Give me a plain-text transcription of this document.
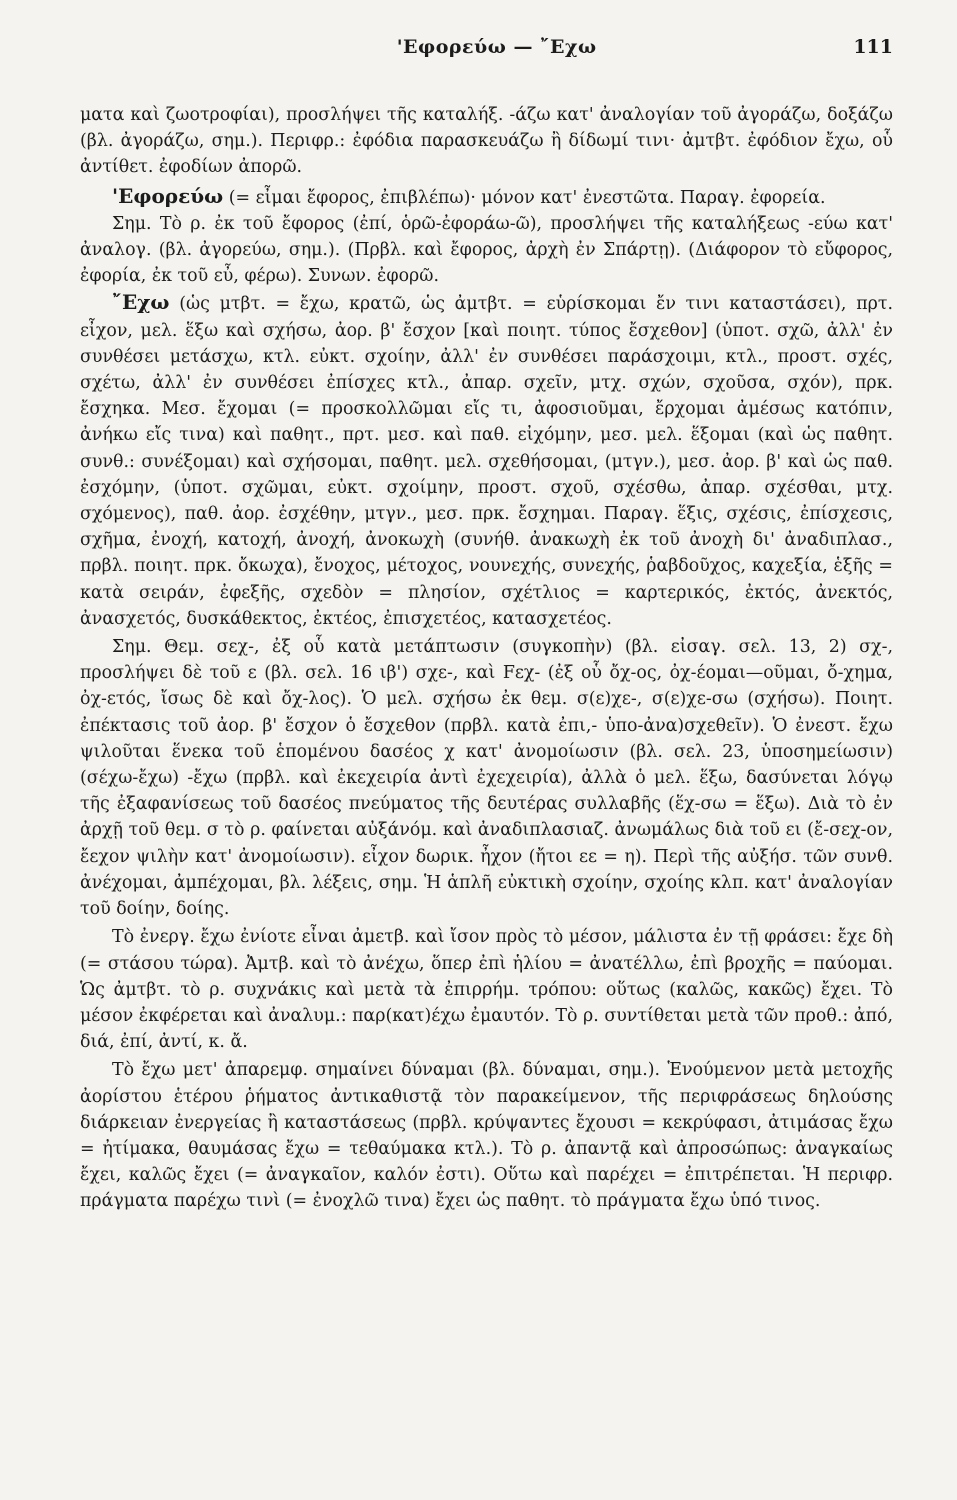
'Εφορεύω — ῎Εχω	111

ματα καὶ ζωοτροφίαι), προσλήψει τῆς καταλήξ. -άζω κατ' ἀναλογίαν τοῦ ἀγοράζω, δοξάζω (βλ. ἀγοράζω, σημ.). Περιφρ.: ἐφόδια παρασκευάζω ἢ δίδωμί τινι· ἀμτβτ. ἐφόδιον ἔχω, οὗ ἀντίθετ. ἐφοδίων ἀπορῶ.

'Εφορεύω (= εἶμαι ἔφορος, ἐπιβλέπω)· μόνον κατ' ἐνεστῶτα. Παραγ. ἐφορεία.

Σημ. Τὸ ρ. ἐκ τοῦ ἔφορος (ἐπί, ὁρῶ-ἐφοράω-ῶ), προσλήψει τῆς καταλήξεως -εύω κατ' ἀναλογ. (βλ. ἀγορεύω, σημ.). (Πρβλ. καὶ ἔφορος, ἀρχὴ ἐν Σπάρτῃ). (Διάφορον τὸ εὔφορος, ἐφορία, ἐκ τοῦ εὖ, φέρω). Συνων. ἐφορῶ.

῎Εχω (ὡς μτβτ. = ἔχω, κρατῶ, ὡς ἀμτβτ. = εὑρίσκομαι ἔν τινι καταστάσει), πρτ. εἶχον, μελ. ἕξω καὶ σχήσω, ἀορ. β' ἔσχον [καὶ ποιητ. τύπος ἔσχεθον] (ὑποτ. σχῶ, ἀλλ' ἐν συνθέσει μετάσχω, κτλ. εὐκτ. σχοίην, ἀλλ' ἐν συνθέσει παράσχοιμι, κτλ., προστ. σχές, σχέτω, ἀλλ' ἐν συνθέσει ἐπίσχες κτλ., ἀπαρ. σχεῖν, μτχ. σχών, σχοῦσα, σχόν), πρκ. ἔσχηκα. Μεσ. ἔχομαι (= προσκολλῶμαι εἴς τι, ἀφοσιοῦμαι, ἔρχομαι ἀμέσως κατόπιν, ἀνήκω εἴς τινα) καὶ παθητ., πρτ. μεσ. καὶ παθ. εἰχόμην, μεσ. μελ. ἕξομαι (καὶ ὡς παθητ. συνθ.: συνέξομαι) καὶ σχήσομαι, παθητ. μελ. σχεθήσομαι, (μτγν.), μεσ. ἀορ. β' καὶ ὡς παθ. ἐσχόμην, (ὑποτ. σχῶμαι, εὐκτ. σχοίμην, προστ. σχοῦ, σχέσθω, ἀπαρ. σχέσθαι, μτχ. σχόμενος), παθ. ἀορ. ἐσχέθην, μτγν., μεσ. πρκ. ἔσχημαι. Παραγ. ἕξις, σχέσις, ἐπίσχεσις, σχῆμα, ἐνοχή, κατοχή, ἀνοχή, ἀνοκωχὴ (συνήθ. ἀνακωχὴ ἐκ τοῦ ἀνοχὴ δι' ἀναδιπλασ., πρβλ. ποιητ. πρκ. ὄκωχα), ἔνοχος, μέτοχος, νουνεχής, συνεχής, ῥαβδοῦχος, καχεξία, ἑξῆς = κατὰ σειράν, ἐφεξῆς, σχεδὸν = πλησίον, σχέτλιος = καρτερικός, ἐκτός, ἀνεκτός, ἀνασχετός, δυσκάθεκτος, ἐκτέος, ἐπισχετέος, κατασχετέος.

Σημ. Θεμ. σεχ-, ἐξ οὗ κατὰ μετάπτωσιν (συγκοπὴν) (βλ. εἰσαγ. σελ. 13, 2) σχ-, προσλήψει δὲ τοῦ ε (βλ. σελ. 16 ιβ') σχε-, καὶ Fεχ- (ἐξ οὗ ὄχ-ος, ὀχ-έομαι—οῦμαι, ὄ-χημα, ὀχ-ετός, ἴσως δὲ καὶ ὄχ-λος). Ὁ μελ. σχήσω ἐκ θεμ. σ(ε)χε-, σ(ε)χε-σω (σχήσω). Ποιητ. ἐπέκτασις τοῦ ἀορ. β' ἔσχον ὁ ἔσχεθον (πρβλ. κατὰ ἐπι,- ὑπο-ἀνα)σχεθεῖν). Ὁ ἐνεστ. ἔχω ψιλοῦται ἕνεκα τοῦ ἑπομένου δασέος χ κατ' ἀνομοίωσιν (βλ. σελ. 23, ὑποσημείωσιν) (σέχω-ἔχω) -ἔχω (πρβλ. καὶ ἐκεχειρία ἀντὶ ἐχεχειρία), ἀλλὰ ὁ μελ. ἕξω, δασύνεται λόγῳ τῆς ἐξαφανίσεως τοῦ δασέος πνεύματος τῆς δευτέρας συλλαβῆς (ἕχ-σω = ἕξω). Διὰ τὸ ἐν ἀρχῇ τοῦ θεμ. σ τὸ ρ. φαίνεται αὐξάνόμ. καὶ ἀναδιπλασιαζ. ἀνωμάλως διὰ τοῦ ει (ἔ-σεχ-ον, ἔεχον ψιλὴν κατ' ἀνομοίωσιν). εἶχον δωρικ. ἦχον (ἤτοι εε = η). Περὶ τῆς αὐξήσ. τῶν συνθ. ἀνέχομαι, ἀμπέχομαι, βλ. λέξεις, σημ. Ἡ ἁπλῆ εὐκτικὴ σχοίην, σχοίης κλπ. κατ' ἀναλογίαν τοῦ δοίην, δοίης.

Τὸ ἐνεργ. ἔχω ἐνίοτε εἶναι ἀμετβ. καὶ ἴσον πρὸς τὸ μέσον, μάλιστα ἐν τῇ φράσει: ἔχε δὴ (= στάσου τώρα). Ἀμτβ. καὶ τὸ ἀνέχω, ὅπερ ἐπὶ ἡλίου = ἀνατέλλω, ἐπὶ βροχῆς = παύομαι. Ὡς ἀμτβτ. τὸ ρ. συχνάκις καὶ μετὰ τὰ ἐπιρρήμ. τρόπου: οὕτως (καλῶς, κακῶς) ἔχει. Τὸ μέσον ἐκφέρεται καὶ ἀναλυμ.: παρ(κατ)έχω ἐμαυτόν. Τὸ ρ. συντίθεται μετὰ τῶν προθ.: ἀπό, διά, ἐπί, ἀντί, κ. ἄ.

Τὸ ἔχω μετ' ἀπαρεμφ. σημαίνει δύναμαι (βλ. δύναμαι, σημ.). Ἑνούμενον μετὰ μετοχῆς ἀορίστου ἑτέρου ῥήματος ἀντικαθιστᾷ τὸν παρακείμενον, τῆς περιφράσεως δηλούσης διάρκειαν ἐνεργείας ἢ καταστάσεως (πρβλ. κρύψαντες ἔχουσι = κεκρύφασι, ἀτιμάσας ἔχω = ἠτίμακα, θαυμάσας ἔχω = τεθαύμακα κτλ.). Τὸ ρ. ἀπαντᾷ καὶ ἀπροσώπως: ἀναγκαίως ἔχει, καλῶς ἔχει (= ἀναγκαῖον, καλόν ἐστι). Οὕτω καὶ παρέχει = ἐπιτρέπεται. Ἡ περιφρ. πράγματα παρέχω τινὶ (= ἐνοχλῶ τινα) ἔχει ὡς παθητ. τὸ πράγματα ἔχω ὑπό τινος.
